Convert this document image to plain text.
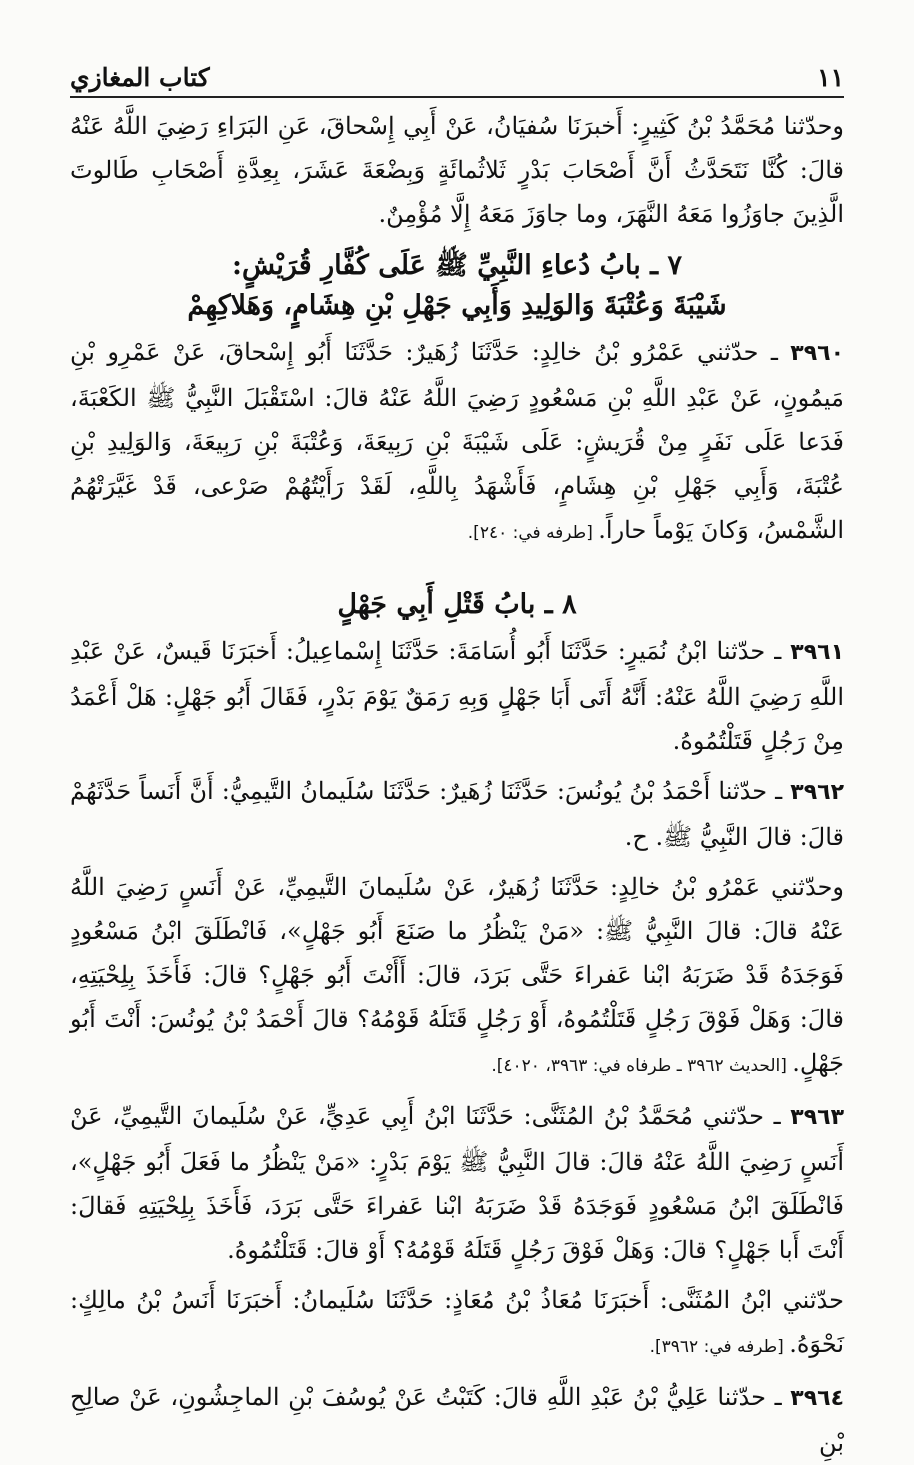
كتاب المغازي	١١

وحدّثنا مُحَمَّدُ بْنُ كَثِيرٍ: أَخبرَنَا سُفيَانُ، عَنْ أَبِي إِسْحاقَ، عَنِ البَرَاءِ رَضِيَ اللَّهُ عَنْهُ قالَ: كُنَّا نَتَحَدَّثُ أَنَّ أَصْحَابَ بَدْرٍ ثَلاثُمائَةٍ وَبِضْعَةَ عَشَرَ، بِعِدَّةِ أَصْحَابِ طَالوتَ الَّذِينَ جاوَزُوا مَعَهُ النَّهَرَ، وما جاوَزَ مَعَهُ إِلَّا مُؤْمِنٌ.

٧ ـ بابُ دُعاءِ النَّبِيِّ ﷺ عَلَى كُفَّارِ قُرَيْشٍ:
شَيْبَةَ وَعُتْبَةَ وَالوَلِيدِ وَأَبِي جَهْلِ بْنِ هِشَامٍ، وَهَلاكِهِمْ

٣٩٦٠ ـ حدّثني عَمْرُو بْنُ خالِدٍ: حَدَّثَنَا زُهَيرٌ: حَدَّثَنَا أَبُو إِسْحاقَ، عَنْ عَمْرِو بْنِ مَيمُونٍ، عَنْ عَبْدِ اللَّهِ بْنِ مَسْعُودٍ رَضِيَ اللَّهُ عَنْهُ قالَ: اسْتَقْبَلَ النَّبِيُّ ﷺ الكَعْبَةَ، فَدَعا عَلَى نَفَرٍ مِنْ قُرَيشٍ: عَلَى شَيْبَةَ بْنِ رَبِيعَةَ، وَعُتْبَةَ بْنِ رَبِيعَةَ، وَالوَلِيدِ بْنِ عُتْبَةَ، وَأَبِي جَهْلِ بْنِ هِشَامٍ، فَأَشْهَدُ بِاللَّهِ، لَقَدْ رَأَيْتُهُمْ صَرْعى، قَدْ غَيَّرَتْهُمُ الشَّمْسُ، وَكانَ يَوْماً حاراً. [طرفه في: ٢٤٠].

٨ ـ بابُ قَتْلِ أَبِي جَهْلٍ

٣٩٦١ ـ حدّثنا ابْنُ نُمَيرٍ: حَدَّثَنَا أَبُو أُسَامَةَ: حَدَّثَنَا إِسْماعِيلُ: أَخبَرَنَا قَيسٌ، عَنْ عَبْدِ اللَّهِ رَضِيَ اللَّهُ عَنْهُ: أَنَّهُ أَتَى أَبَا جَهْلٍ وَبِهِ رَمَقٌ يَوْمَ بَدْرٍ، فَقَالَ أَبُو جَهْلٍ: هَلْ أَعْمَدُ مِنْ رَجُلٍ قَتَلْتُمُوهُ.

٣٩٦٢ ـ حدّثنا أَحْمَدُ بْنُ يُونُسَ: حَدَّثَنَا زُهَيرٌ: حَدَّثَنَا سُلَيمانُ التَّيمِيُّ: أَنَّ أَنَساً حَدَّثَهُمْ قالَ: قالَ النَّبِيُّ ﷺ. ح.

وحدّثني عَمْرُو بْنُ خالِدٍ: حَدَّثَنَا زُهَيرٌ، عَنْ سُلَيمانَ التَّيمِيِّ، عَنْ أَنَسٍ رَضِيَ اللَّهُ عَنْهُ قالَ: قالَ النَّبِيُّ ﷺ: «مَنْ يَنْظُرُ ما صَنَعَ أَبُو جَهْلٍ»، فَانْطَلَقَ ابْنُ مَسْعُودٍ فَوَجَدَهُ قَدْ ضَرَبَهُ ابْنا عَفراءَ حَتَّى بَرَدَ، قالَ: أَأَنْتَ أَبُو جَهْلٍ؟ قالَ: فَأَخَذَ بِلِحْيَتِهِ، قالَ: وَهَلْ فَوْقَ رَجُلٍ قَتَلْتُمُوهُ، أَوْ رَجُلٍ قَتَلَهُ قَوْمُهُ؟ قالَ أَحْمَدُ بْنُ يُونُسَ: أَنْتَ أَبُو جَهْلٍ. [الحديث ٣٩٦٢ ـ طرفاه في: ٣٩٦٣، ٤٠٢٠].

٣٩٦٣ ـ حدّثني مُحَمَّدُ بْنُ المُثَنَّى: حَدَّثَنَا ابْنُ أَبِي عَدِيٍّ، عَنْ سُلَيمانَ التَّيمِيِّ، عَنْ أَنَسٍ رَضِيَ اللَّهُ عَنْهُ قالَ: قالَ النَّبِيُّ ﷺ يَوْمَ بَدْرٍ: «مَنْ يَنْظُرُ ما فَعَلَ أَبُو جَهْلٍ»، فَانْطَلَقَ ابْنُ مَسْعُودٍ فَوَجَدَهُ قَدْ ضَرَبَهُ ابْنا عَفراءَ حَتَّى بَرَدَ، فَأَخَذَ بِلِحْيَتِهِ فَقالَ: أَنْتَ أَبا جَهْلٍ؟ قالَ: وَهَلْ فَوْقَ رَجُلٍ قَتَلَهُ قَوْمُهُ؟ أَوْ قالَ: قَتَلْتُمُوهُ.

حدّثني ابْنُ المُثَنَّى: أَخبَرَنَا مُعَاذُ بْنُ مُعَاذٍ: حَدَّثَنَا سُلَيمانُ: أَخبَرَنَا أَنَسُ بْنُ مالِكٍ: نَحْوَهُ. [طرفه في: ٣٩٦٢].

٣٩٦٤ ـ حدّثنا عَلِيُّ بْنُ عَبْدِ اللَّهِ قالَ: كَتَبْتُ عَنْ يُوسُفَ بْنِ الماجِشُونِ، عَنْ صالِحِ بْنِ
